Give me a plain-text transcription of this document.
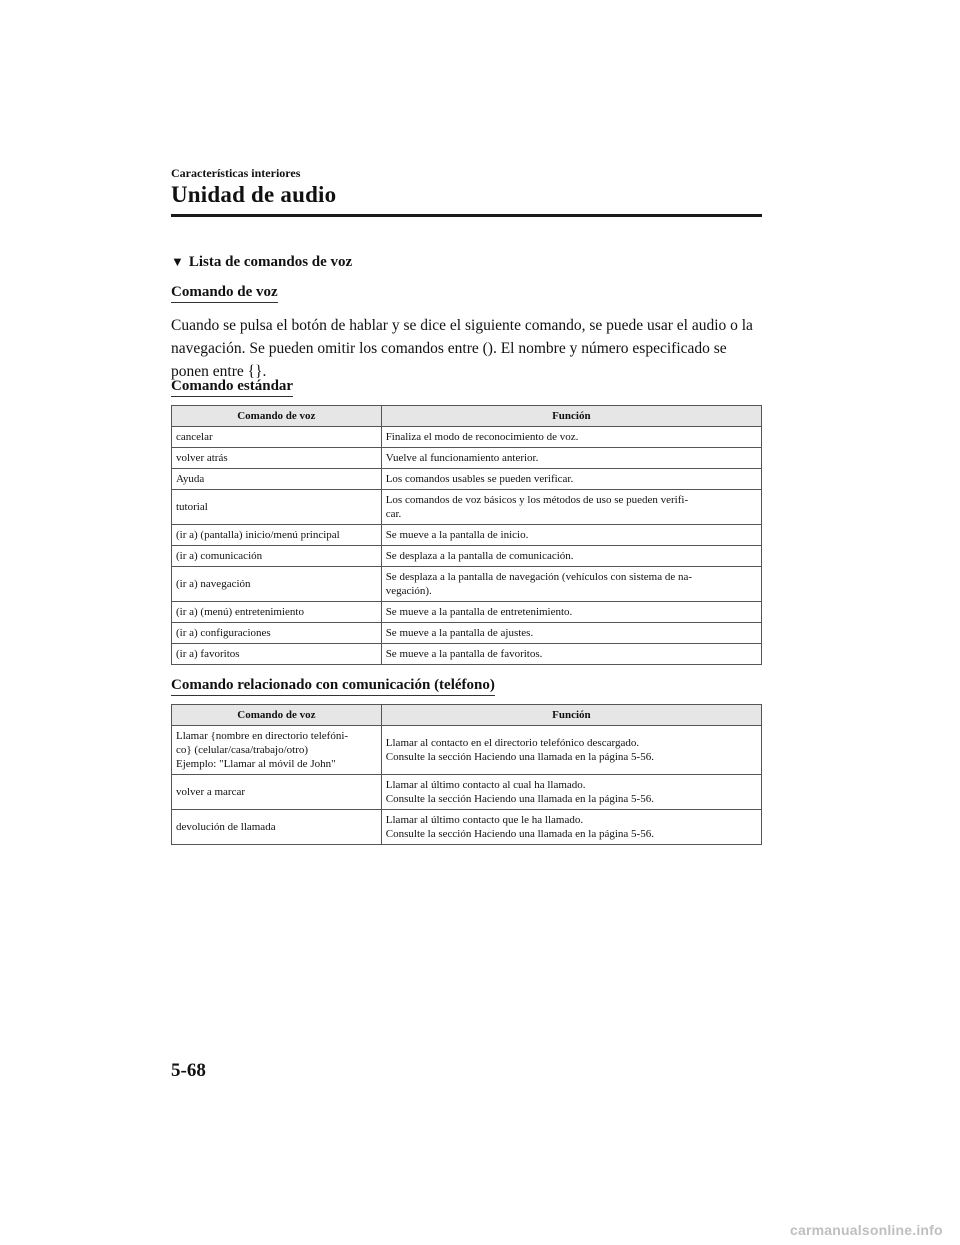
Características interiores
Unidad de audio
▼ Lista de comandos de voz
Comando de voz
Cuando se pulsa el botón de hablar y se dice el siguiente comando, se puede usar el audio o la navegación. Se pueden omitir los comandos entre (). El nombre y número especificado se ponen entre {}.
Comando estándar
Comando de voz	Función
cancelar	Finaliza el modo de reconocimiento de voz.
volver atrás	Vuelve al funcionamiento anterior.
Ayuda	Los comandos usables se pueden verificar.
tutorial	Los comandos de voz básicos y los métodos de uso se pueden verifi-
car.
(ir a) (pantalla) inicio/menú principal	Se mueve a la pantalla de inicio.
(ir a) comunicación	Se desplaza a la pantalla de comunicación.
(ir a) navegación	Se desplaza a la pantalla de navegación (vehículos con sistema de na-
vegación).
(ir a) (menú) entretenimiento	Se mueve a la pantalla de entretenimiento.
(ir a) configuraciones	Se mueve a la pantalla de ajustes.
(ir a) favoritos	Se mueve a la pantalla de favoritos.
Comando relacionado con comunicación (teléfono)
Comando de voz	Función
Llamar {nombre en directorio telefóni-
co} (celular/casa/trabajo/otro)
Ejemplo: "Llamar al móvil de John"	Llamar al contacto en el directorio telefónico descargado.
Consulte la sección Haciendo una llamada en la página 5-56.
volver a marcar	Llamar al último contacto al cual ha llamado.
Consulte la sección Haciendo una llamada en la página 5-56.
devolución de llamada	Llamar al último contacto que le ha llamado.
Consulte la sección Haciendo una llamada en la página 5-56.
5-68
carmanualsonline.info
